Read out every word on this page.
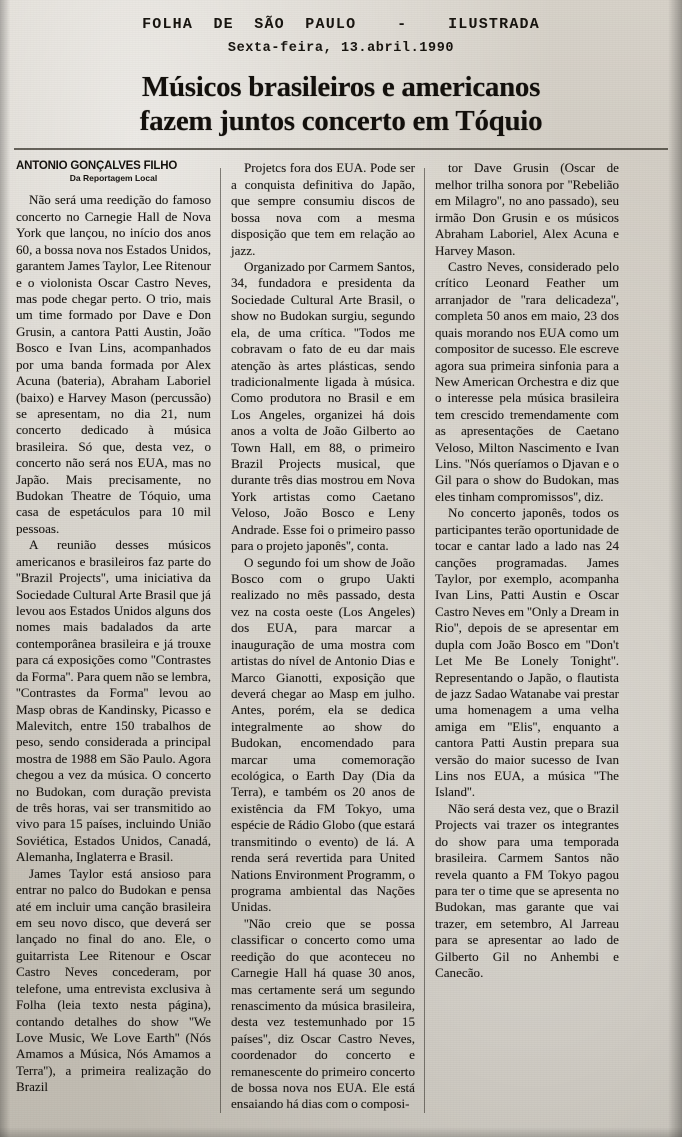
FOLHA  DE  SÃO  PAULO    -    ILUSTRADA
Sexta-feira, 13.abril.1990
Músicos brasileiros e americanos
fazem juntos concerto em Tóquio
ANTONIO GONÇALVES FILHO
Da Reportagem Local

Não será uma reedição do famoso concerto no Carnegie Hall de Nova York que lançou, no início dos anos 60, a bossa nova nos Estados Unidos, garantem James Taylor, Lee Ritenour e o violonista Oscar Castro Neves, mas pode chegar perto. O trio, mais um time formado por Dave e Don Grusin, a cantora Patti Austin, João Bosco e Ivan Lins, acompanhados por uma banda formada por Alex Acuna (bateria), Abraham Laboriel (baixo) e Harvey Mason (percussão) se apresentam, no dia 21, num concerto dedicado à música brasileira. Só que, desta vez, o concerto não será nos EUA, mas no Japão. Mais precisamente, no Budokan Theatre de Tóquio, uma casa de espetáculos para 10 mil pessoas.

A reunião desses músicos americanos e brasileiros faz parte do ''Brazil Projects'', uma iniciativa da Sociedade Cultural Arte Brasil que já levou aos Estados Unidos alguns dos nomes mais badalados da arte contemporânea brasileira e já trouxe para cá exposições como ''Contrastes da Forma''. Para quem não se lembra, ''Contrastes da Forma'' levou ao Masp obras de Kandinsky, Picasso e Malevitch, entre 150 trabalhos de peso, sendo considerada a principal mostra de 1988 em São Paulo. Agora chegou a vez da música. O concerto no Budokan, com duração prevista de três horas, vai ser transmitido ao vivo para 15 países, incluindo União Soviética, Estados Unidos, Canadá, Alemanha, Inglaterra e Brasil.

James Taylor está ansioso para entrar no palco do Budokan e pensa até em incluir uma canção brasileira em seu novo disco, que deverá ser lançado no final do ano. Ele, o guitarrista Lee Ritenour e Oscar Castro Neves concederam, por telefone, uma entrevista exclusiva à Folha (leia texto nesta página), contando detalhes do show ''We Love Music, We Love Earth'' (Nós Amamos a Música, Nós Amamos a Terra''), a primeira realização do Brazil

Projetcs fora dos EUA. Pode ser a conquista definitiva do Japão, que sempre consumiu discos de bossa nova com a mesma disposição que tem em relação ao jazz.

Organizado por Carmem Santos, 34, fundadora e presidenta da Sociedade Cultural Arte Brasil, o show no Budokan surgiu, segundo ela, de uma crítica. ''Todos me cobravam o fato de eu dar mais atenção às artes plásticas, sendo tradicionalmente ligada à música. Como produtora no Brasil e em Los Angeles, organizei há dois anos a volta de João Gilberto ao Town Hall, em 88, o primeiro Brazil Projects musical, que durante três dias mostrou em Nova York artistas como Caetano Veloso, João Bosco e Leny Andrade. Esse foi o primeiro passo para o projeto japonês'', conta.

O segundo foi um show de João Bosco com o grupo Uakti realizado no mês passado, desta vez na costa oeste (Los Angeles) dos EUA, para marcar a inauguração de uma mostra com artistas do nível de Antonio Dias e Marco Gianotti, exposição que deverá chegar ao Masp em julho. Antes, porém, ela se dedica integralmente ao show do Budokan, encomendado para marcar uma comemoração ecológica, o Earth Day (Dia da Terra), e também os 20 anos de existência da FM Tokyo, uma espécie de Rádio Globo (que estará transmitindo o evento) de lá. A renda será revertida para United Nations Environment Programm, o programa ambiental das Nações Unidas.

''Não creio que se possa classificar o concerto como uma reedição do que aconteceu no Carnegie Hall há quase 30 anos, mas certamente será um segundo renascimento da música brasileira, desta vez testemunhado por 15 países'', diz Oscar Castro Neves, coordenador do concerto e remanescente do primeiro concerto de bossa nova nos EUA. Ele está ensaiando há dias com o composi-

tor Dave Grusin (Oscar de melhor trilha sonora por ''Rebelião em Milagro'', no ano passado), seu irmão Don Grusin e os músicos Abraham Laboriel, Alex Acuna e Harvey Mason.

Castro Neves, considerado pelo crítico Leonard Feather um arranjador de ''rara delicadeza'', completa 50 anos em maio, 23 dos quais morando nos EUA como um compositor de sucesso. Ele escreve agora sua primeira sinfonia para a New American Orchestra e diz que o interesse pela música brasileira tem crescido tremendamente com as apresentações de Caetano Veloso, Milton Nascimento e Ivan Lins. ''Nós queríamos o Djavan e o Gil para o show do Budokan, mas eles tinham compromissos'', diz.

No concerto japonês, todos os participantes terão oportunidade de tocar e cantar lado a lado nas 24 canções programadas. James Taylor, por exemplo, acompanha Ivan Lins, Patti Austin e Oscar Castro Neves em ''Only a Dream in Rio'', depois de se apresentar em dupla com João Bosco em ''Don't Let Me Be Lonely Tonight''. Representando o Japão, o flautista de jazz Sadao Watanabe vai prestar uma homenagem a uma velha amiga em ''Elis'', enquanto a cantora Patti Austin prepara sua versão do maior sucesso de Ivan Lins nos EUA, a música ''The Island''.

Não será desta vez, que o Brazil Projects vai trazer os integrantes do show para uma temporada brasileira. Carmem Santos não revela quanto a FM Tokyo pagou para ter o time que se apresenta no Budokan, mas garante que vai trazer, em setembro, Al Jarreau para se apresentar ao lado de Gilberto Gil no Anhembi e Canecão.
